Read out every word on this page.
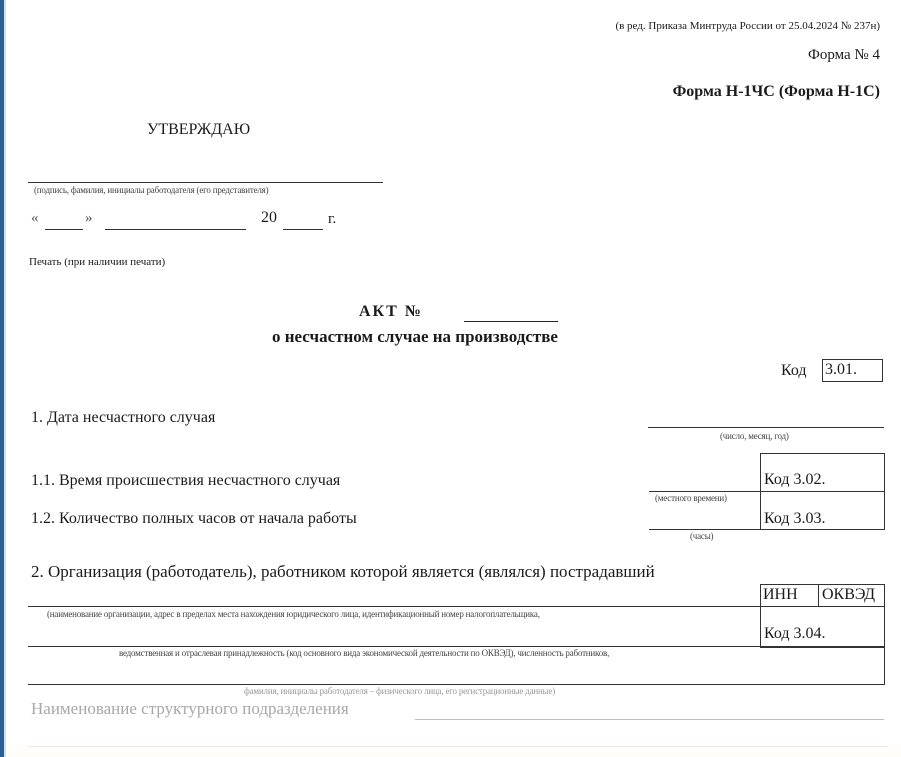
(в ред. Приказа Минтруда России от 25.04.2024 № 237н)
Форма № 4
Форма Н-1ЧС (Форма Н-1С)
УТВЕРЖДАЮ
(подпись, фамилия, инициалы работодателя (его представителя)
«	»	20	г.
Печать (при наличии печати)
АКТ №
о несчастном случае на производстве
Код 3.01.
1. Дата несчастного случая
(число, месяц, год)
1.1. Время происшествия несчастного случая	Код 3.02.
(местного времени)
1.2. Количество полных часов от начала работы	Код 3.03.
(часы)
2. Организация (работодатель), работником которой является (являлся) пострадавший
ИНН ОКВЭД
Код 3.04.
(наименование организации, адрес в пределах места нахождения юридического лица, идентификационный номер налогоплательщика,
ведомственная и отраслевая принадлежность (код основного вида экономической деятельности по ОКВЭД), численность работников,
фамилия, инициалы работодателя – физического лица, его регистрационные данные)
Наименование структурного подразделения
